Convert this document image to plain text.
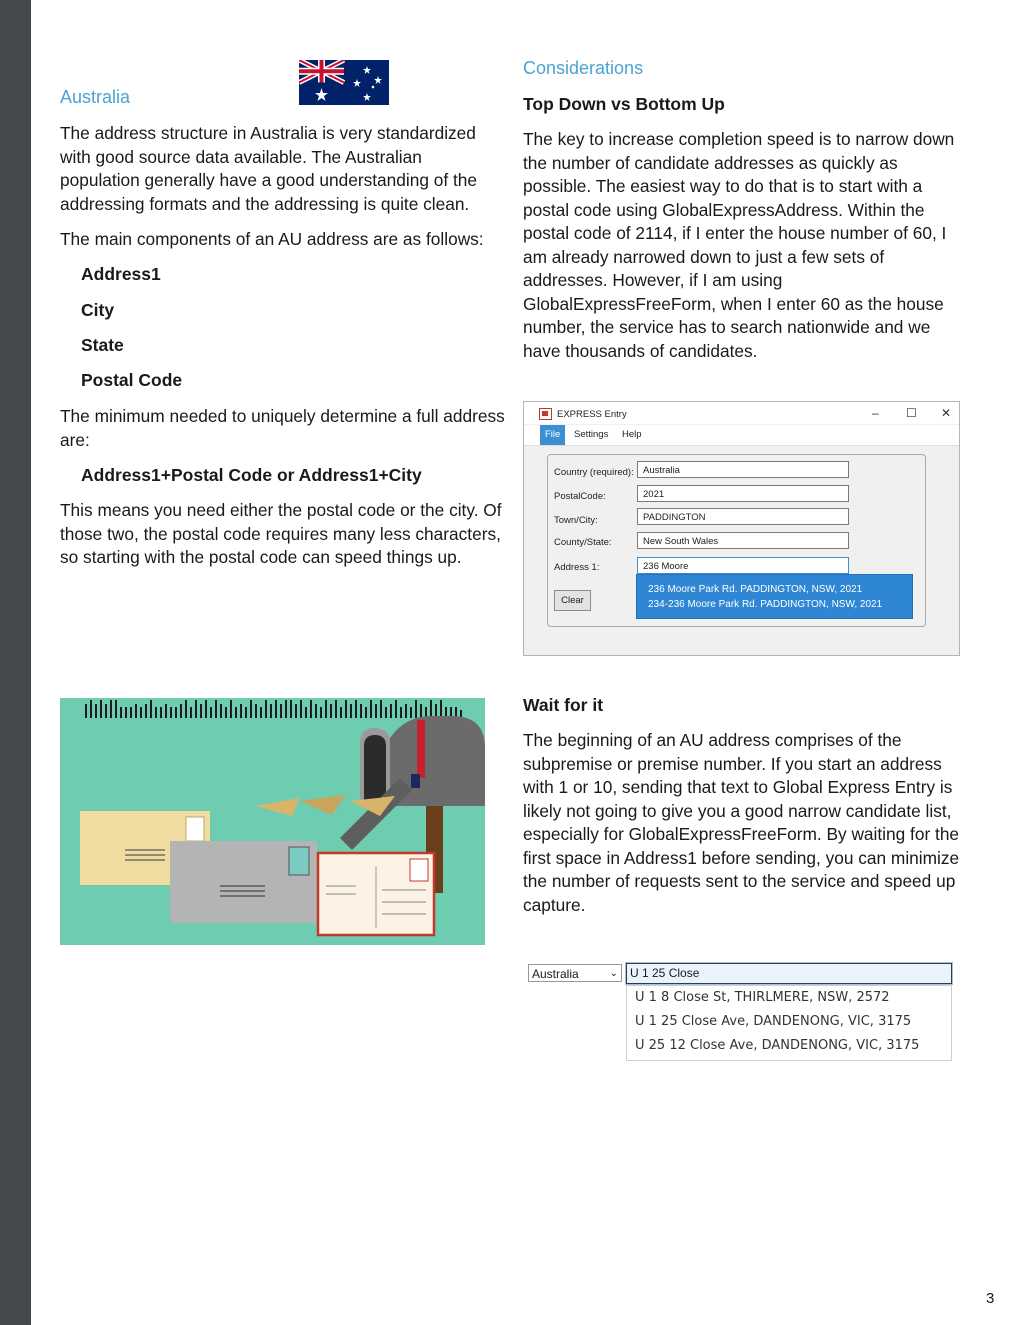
Australia

The address structure in Australia is very standardized with good source data available. The Australian population generally have a good understanding of the addressing formats and the addressing is quite clean.

The main components of an AU address are as follows:

Address1

City

State

Postal Code

The minimum needed to uniquely determine a full address are:

Address1+Postal Code or Address1+City

This means you need either the postal code or the city. Of those two, the postal code requires many less characters, so starting with the postal code can speed things up.

Considerations
Top Down vs Bottom Up

The key to increase completion speed is to narrow down the number of candidate addresses as quickly as possible. The easiest way to do that is to start with a postal code using GlobalExpressAddress. Within the postal code of 2114, if I enter the house number of 60, I am already narrowed down to just a few sets of addresses. However, if I am using GlobalExpressFreeForm, when I enter 60 as the house number, the service has to search nationwide and we have thousands of candidates.

Wait for it

The beginning of an AU address comprises of the subpremise or premise number. If you start an address with 1 or 10, sending that text to Global Express Entry is likely not going to give you a good narrow candidate list, especially for GlobalExpressFreeForm. By waiting for the first space in Address1 before sending, you can minimize the number of requests sent to the service and speed up capture.

EXPRESS Entry	– ☐ ✕
File	Settings	Help
Country (required): Australia
PostalCode:	2021
Town/City:	PADDINGTON
County/State:	New South Wales
Address 1:	236 Moore
Clear
236 Moore Park Rd. PADDINGTON, NSW, 2021
234-236 Moore Park Rd. PADDINGTON, NSW, 2021
Australia	⌄	U 1 25 Close
U 1 8 Close St, THIRLMERE, NSW, 2572
U 1 25 Close Ave, DANDENONG, VIC, 3175
U 25 12 Close Ave, DANDENONG, VIC, 3175
3
